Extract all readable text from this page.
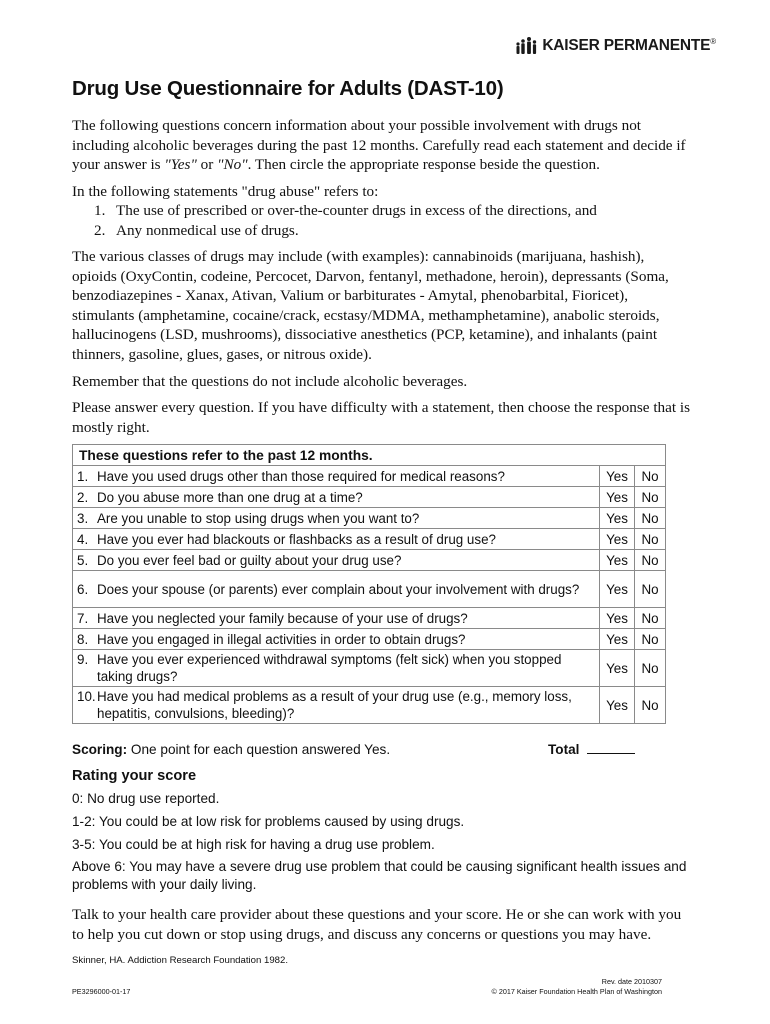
KAISER PERMANENTE®
Drug Use Questionnaire for Adults (DAST-10)

The following questions concern information about your possible involvement with drugs not including alcoholic beverages during the past 12 months. Carefully read each statement and decide if your answer is "Yes" or "No". Then circle the appropriate response beside the question.

In the following statements "drug abuse" refers to:

1. The use of prescribed or over-the-counter drugs in excess of the directions, and
2. Any nonmedical use of drugs.

The various classes of drugs may include (with examples): cannabinoids (marijuana, hashish), opioids (OxyContin, codeine, Percocet, Darvon, fentanyl, methadone, heroin), depressants (Soma, benzodiazepines - Xanax, Ativan, Valium or barbiturates - Amytal, phenobarbital, Fioricet), stimulants (amphetamine, cocaine/crack, ecstasy/MDMA, methamphetamine), anabolic steroids, hallucinogens (LSD, mushrooms), dissociative anesthetics (PCP, ketamine), and inhalants (paint thinners, gasoline, glues, gases, or nitrous oxide).

Remember that the questions do not include alcoholic beverages.

Please answer every question. If you have difficulty with a statement, then choose the response that is mostly right.

These questions refer to the past 12 months.		

1. Have you used drugs other than those required for medical reasons?	Yes	No

2. Do you abuse more than one drug at a time?	Yes	No

3. Are you unable to stop using drugs when you want to?	Yes	No

4. Have you ever had blackouts or flashbacks as a result of drug use?	Yes	No

5. Do you ever feel bad or guilty about your drug use?	Yes	No

6. Does your spouse (or parents) ever complain about your involvement with drugs?	Yes	No

7. Have you neglected your family because of your use of drugs?	Yes	No

8. Have you engaged in illegal activities in order to obtain drugs?	Yes	No

9. Have you ever experienced withdrawal symptoms (felt sick) when you stopped taking drugs?	Yes	No

10. Have you had medical problems as a result of your drug use (e.g., memory loss, hepatitis, convulsions, bleeding)?	Yes	No

Scoring: One point for each question answered Yes.	Total

Rating your score

0: No drug use reported.

1-2: You could be at low risk for problems caused by using drugs.

3-5: You could be at high risk for having a drug use problem.

Above 6: You may have a severe drug use problem that could be causing significant health issues and problems with your daily living.

Talk to your health care provider about these questions and your score. He or she can work with you to help you cut down or stop using drugs, and discuss any concerns or questions you may have.

Skinner, HA. Addiction Research Foundation 1982.

PE3296000-01-17

Rev. date 2010307
© 2017 Kaiser Foundation Health Plan of Washington
